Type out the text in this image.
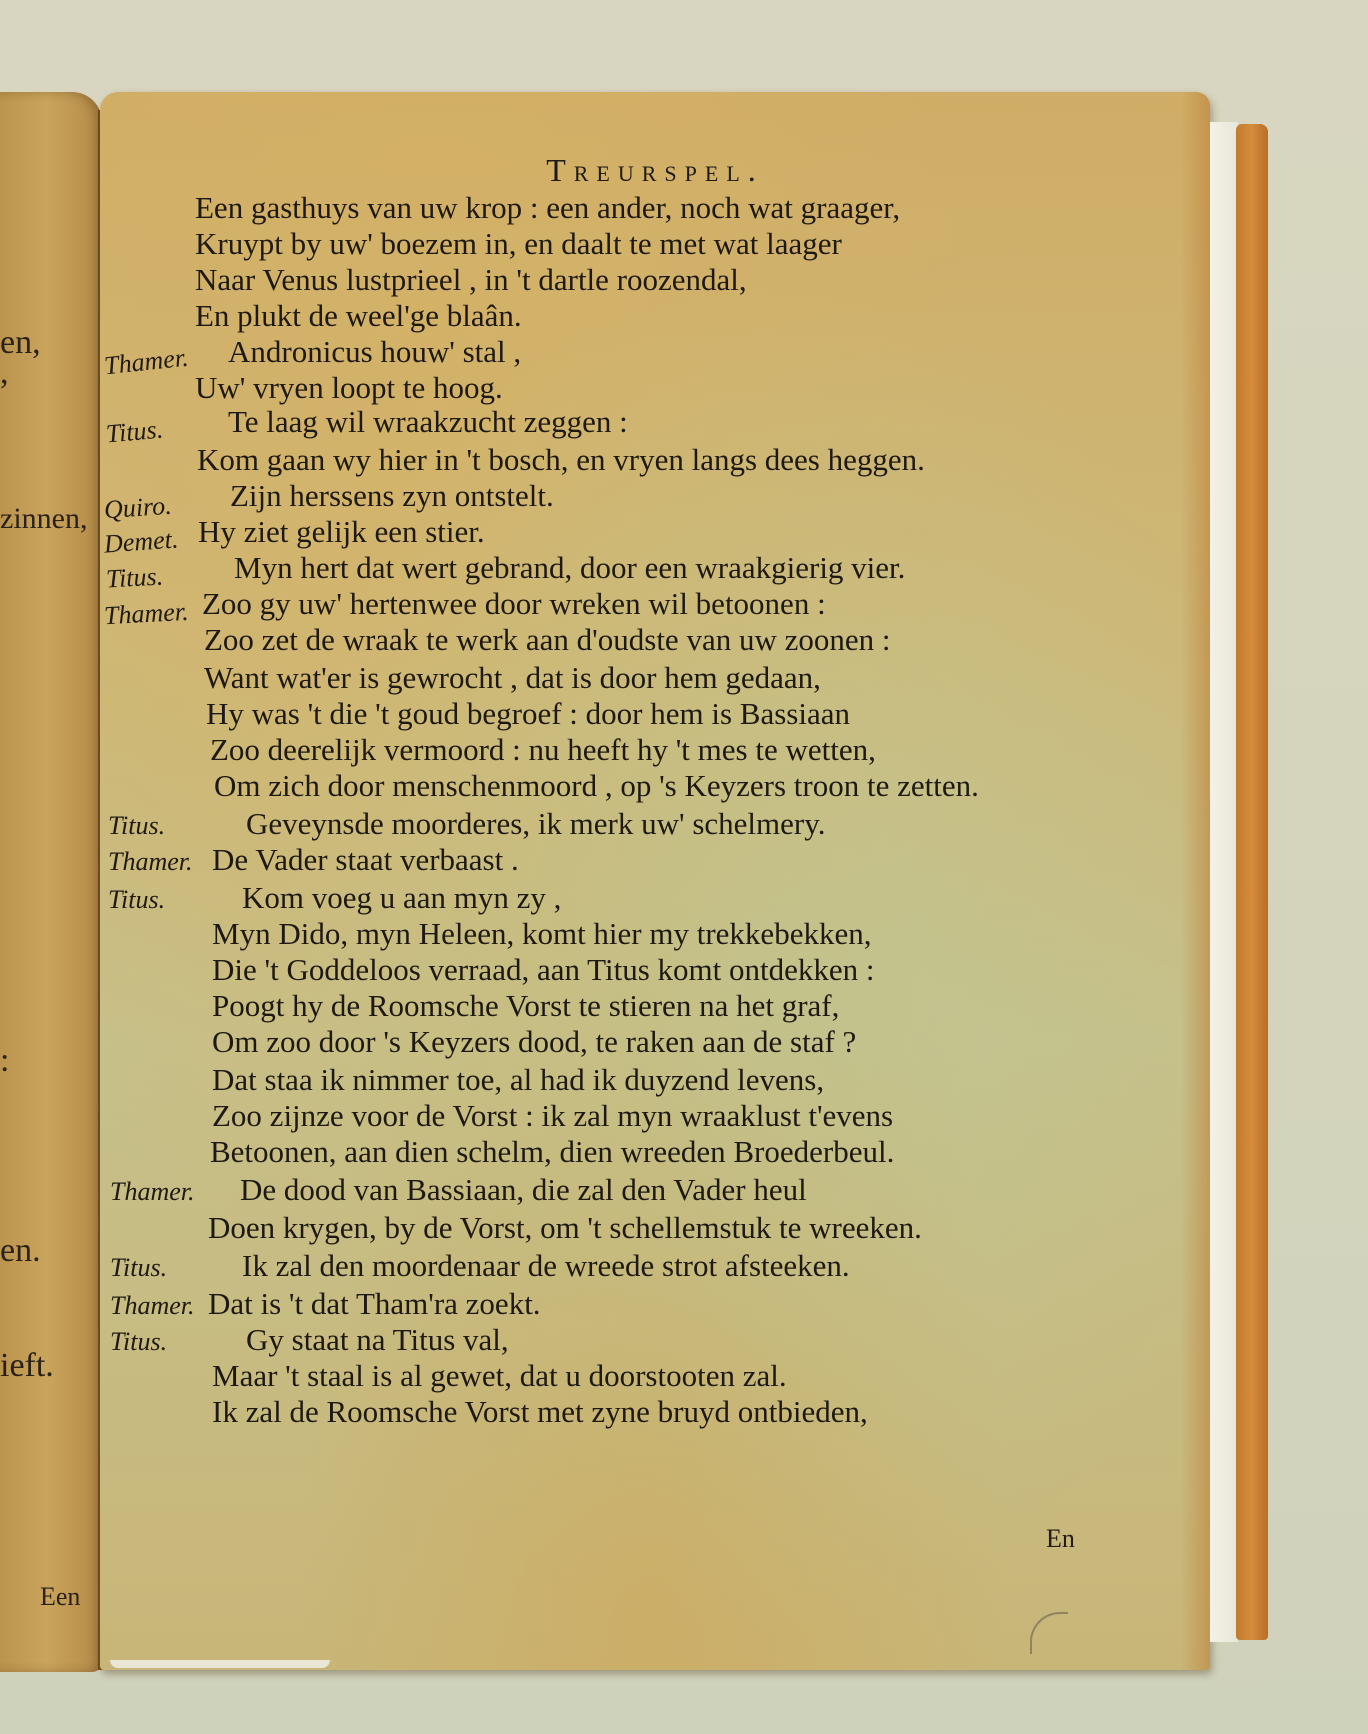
en,
,
zinnen,
:
en.
ieft.
Een
Treurspel.
Een gasthuys van uw krop : een ander, noch wat graager,
Kruypt by uw' boezem in, en daalt te met wat laager
Naar Venus lustprieel , in 't dartle roozendal,
En plukt de weel'ge blaân.
Thamer. Andronicus houw' stal ,
Uw' vryen loopt te hoog.
Titus. Te laag wil wraakzucht zeggen :
Kom gaan wy hier in 't bosch, en vryen langs dees heggen.
Quiro. Zijn herssens zyn ontstelt.
Demet. Hy ziet gelijk een stier.
Titus. Myn hert dat wert gebrand, door een wraakgierig vier.
Thamer. Zoo gy uw' hertenwee door wreken wil betoonen :
Zoo zet de wraak te werk aan d'oudste van uw zoonen :
Want wat'er is gewrocht , dat is door hem gedaan,
Hy was 't die 't goud begroef : door hem is Bassiaan
Zoo deerelijk vermoord : nu heeft hy 't mes te wetten,
Om zich door menschenmoord , op 's Keyzers troon te zetten.
Titus.	Geveynsde moorderes, ik merk uw' schelmery.
Thamer. De Vader staat verbaast .
Titus. Kom voeg u aan myn zy ,
Myn Dido, myn Heleen, komt hier my trekkebekken,
Die 't Goddeloos verraad, aan Titus komt ontdekken :
Poogt hy de Roomsche Vorst te stieren na het graf,
Om zoo door 's Keyzers dood, te raken aan de staf ?
Dat staa ik nimmer toe, al had ik duyzend levens,
Zoo zijnze voor de Vorst : ik zal myn wraaklust t'evens
Betoonen, aan dien schelm, dien wreeden Broederbeul.
Thamer. De dood van Bassiaan, die zal den Vader heul
Doen krygen, by de Vorst, om 't schellemstuk te wreeken.
Titus. Ik zal den moordenaar de wreede strot afsteeken.
Thamer. Dat is 't dat Tham'ra zoekt.
Titus.	Gy staat na Titus val,
Maar 't staal is al gewet, dat u doorstooten zal.
Ik zal de Roomsche Vorst met zyne bruyd ontbieden,
En
